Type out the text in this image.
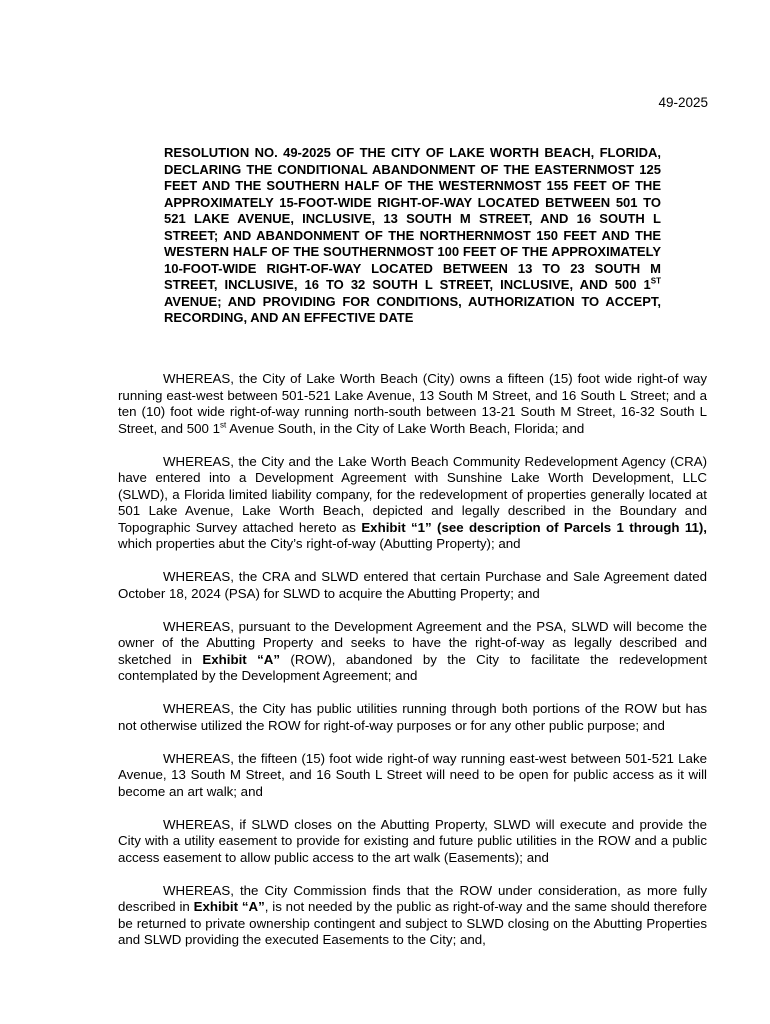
49-2025

RESOLUTION NO. 49-2025 OF THE CITY OF LAKE WORTH BEACH, FLORIDA, DECLARING THE CONDITIONAL ABANDONMENT OF THE EASTERNMOST 125 FEET AND THE SOUTHERN HALF OF THE WESTERNMOST 155 FEET OF THE APPROXIMATELY 15-FOOT-WIDE RIGHT-OF-WAY LOCATED BETWEEN 501 TO 521 LAKE AVENUE, INCLUSIVE, 13 SOUTH M STREET, AND 16 SOUTH L STREET; AND ABANDONMENT OF THE NORTHERNMOST 150 FEET AND THE WESTERN HALF OF THE SOUTHERNMOST 100 FEET OF THE APPROXIMATELY 10-FOOT-WIDE RIGHT-OF-WAY LOCATED BETWEEN 13 TO 23 SOUTH M STREET, INCLUSIVE, 16 TO 32 SOUTH L STREET, INCLUSIVE, AND 500 1ST AVENUE; AND PROVIDING FOR CONDITIONS, AUTHORIZATION TO ACCEPT, RECORDING, AND AN EFFECTIVE DATE

WHEREAS, the City of Lake Worth Beach (City) owns a fifteen (15) foot wide right-of way running east-west between 501-521 Lake Avenue, 13 South M Street, and 16 South L Street; and a ten (10) foot wide right-of-way running north-south between 13-21 South M Street, 16-32 South L Street, and 500 1st Avenue South, in the City of Lake Worth Beach, Florida; and

WHEREAS, the City and the Lake Worth Beach Community Redevelopment Agency (CRA) have entered into a Development Agreement with Sunshine Lake Worth Development, LLC (SLWD), a Florida limited liability company, for the redevelopment of properties generally located at 501 Lake Avenue, Lake Worth Beach, depicted and legally described in the Boundary and Topographic Survey attached hereto as Exhibit “1” (see description of Parcels 1 through 11), which properties abut the City’s right-of-way (Abutting Property); and

WHEREAS, the CRA and SLWD entered that certain Purchase and Sale Agreement dated October 18, 2024 (PSA) for SLWD to acquire the Abutting Property; and

WHEREAS, pursuant to the Development Agreement and the PSA, SLWD will become the owner of the Abutting Property and seeks to have the right-of-way as legally described and sketched in Exhibit “A” (ROW), abandoned by the City to facilitate the redevelopment contemplated by the Development Agreement; and

WHEREAS, the City has public utilities running through both portions of the ROW but has not otherwise utilized the ROW for right-of-way purposes or for any other public purpose; and

WHEREAS, the fifteen (15) foot wide right-of way running east-west between 501-521 Lake Avenue, 13 South M Street, and 16 South L Street will need to be open for public access as it will become an art walk; and

WHEREAS, if SLWD closes on the Abutting Property, SLWD will execute and provide the City with a utility easement to provide for existing and future public utilities in the ROW and a public access easement to allow public access to the art walk (Easements); and

WHEREAS, the City Commission finds that the ROW under consideration, as more fully described in Exhibit “A”, is not needed by the public as right-of-way and the same should therefore be returned to private ownership contingent and subject to SLWD closing on the Abutting Properties and SLWD providing the executed Easements to the City; and,
